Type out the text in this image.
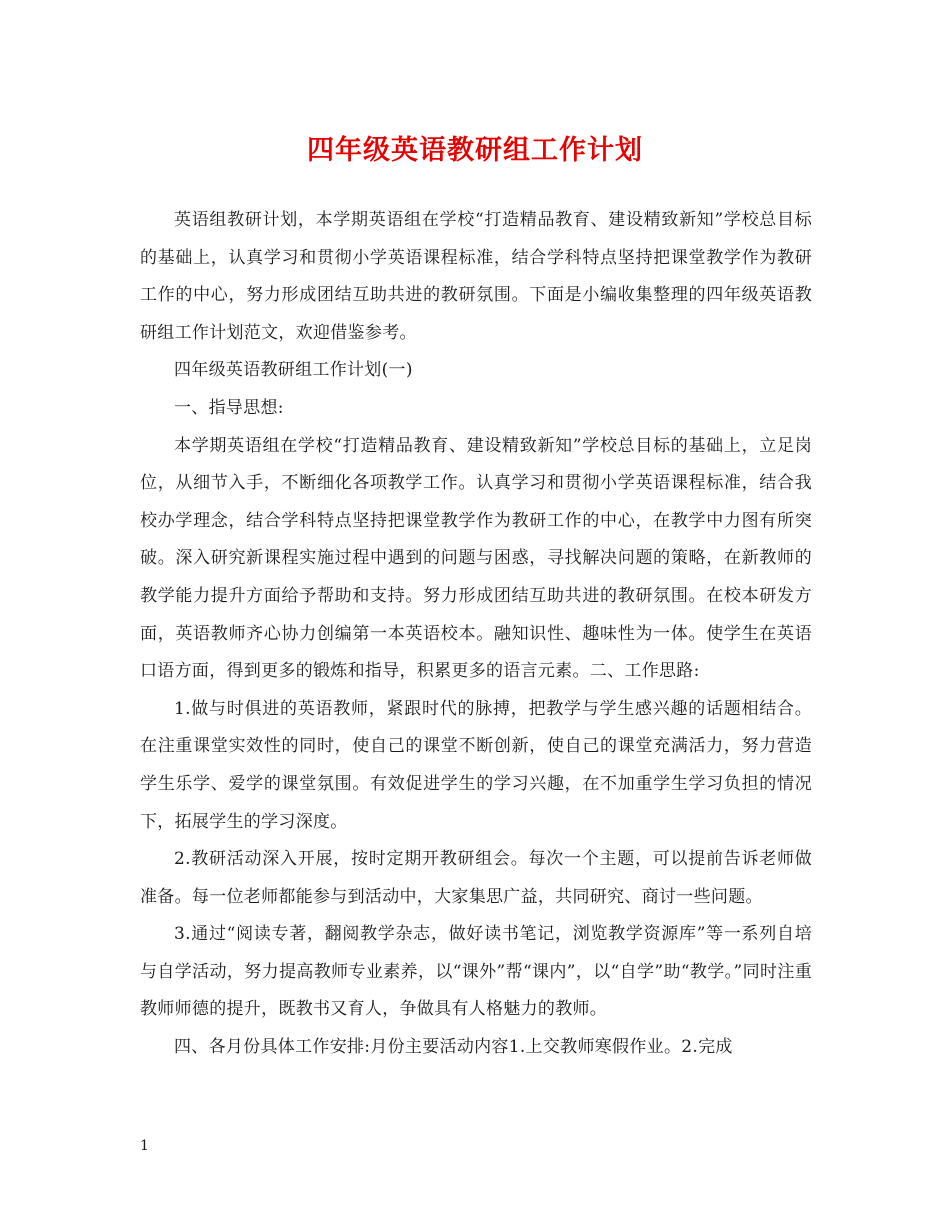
四年级英语教研组工作计划

英语组教研计划，本学期英语组在学校“打造精品教育、建设精致新知”学校总目标的基础上，认真学习和贯彻小学英语课程标准，结合学科特点坚持把课堂教学作为教研工作的中心，努力形成团结互助共进的教研氛围。下面是小编收集整理的四年级英语教研组工作计划范文，欢迎借鉴参考。

四年级英语教研组工作计划(一)

一、指导思想:

本学期英语组在学校“打造精品教育、建设精致新知”学校总目标的基础上，立足岗位，从细节入手，不断细化各项教学工作。认真学习和贯彻小学英语课程标准，结合我校办学理念，结合学科特点坚持把课堂教学作为教研工作的中心，在教学中力图有所突破。深入研究新课程实施过程中遇到的问题与困惑，寻找解决问题的策略，在新教师的教学能力提升方面给予帮助和支持。努力形成团结互助共进的教研氛围。在校本研发方面，英语教师齐心协力创编第一本英语校本。融知识性、趣味性为一体。使学生在英语口语方面，得到更多的锻炼和指导，积累更多的语言元素。二、工作思路:

1.做与时俱进的英语教师，紧跟时代的脉搏，把教学与学生感兴趣的话题相结合。在注重课堂实效性的同时，使自己的课堂不断创新，使自己的课堂充满活力，努力营造学生乐学、爱学的课堂氛围。有效促进学生的学习兴趣，在不加重学生学习负担的情况下，拓展学生的学习深度。

2.教研活动深入开展，按时定期开教研组会。每次一个主题，可以提前告诉老师做准备。每一位老师都能参与到活动中，大家集思广益，共同研究、商讨一些问题。

3.通过“阅读专著，翻阅教学杂志，做好读书笔记，浏览教学资源库”等一系列自培与自学活动，努力提高教师专业素养，以“课外”帮“课内”，以“自学”助“教学。”同时注重教师师德的提升，既教书又育人，争做具有人格魅力的教师。

四、各月份具体工作安排:月份主要活动内容1.上交教师寒假作业。2.完成

1
